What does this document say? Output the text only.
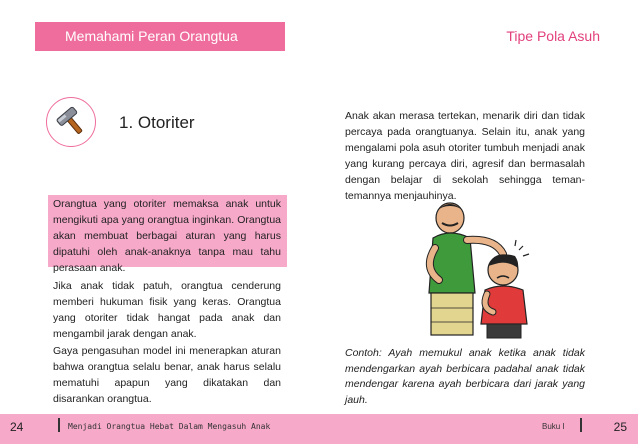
Memahami Peran Orangtua	Tipe Pola Asuh
1. Otoriter
Orangtua yang otoriter memaksa anak untuk mengikuti apa yang orangtua inginkan. Orangtua akan membuat berbagai aturan yang harus dipatuhi oleh anak-anaknya tanpa mau tahu perasaan anak.
Jika anak tidak patuh, orangtua cenderung memberi hukuman fisik yang keras. Orangtua yang otoriter tidak hangat pada anak dan mengambil jarak dengan anak.
Gaya pengasuhan model ini menerapkan aturan bahwa orangtua selalu benar, anak harus selalu mematuhi apapun yang dikatakan dan disarankan orangtua.
Anak akan merasa tertekan, menarik diri dan tidak percaya pada orangtuanya. Selain itu, anak yang mengalami pola asuh otoriter tumbuh menjadi anak yang kurang percaya diri, agresif dan bermasalah dengan belajar di sekolah sehingga teman-temannya menjauhinya.
Contoh: Ayah memukul anak ketika anak tidak mendengarkan ayah berbicara padahal anak tidak mendengar karena ayah berbicara dari jarak yang jauh.
24	Menjadi Orangtua Hebat Dalam Mengasuh Anak	Buku I	25
